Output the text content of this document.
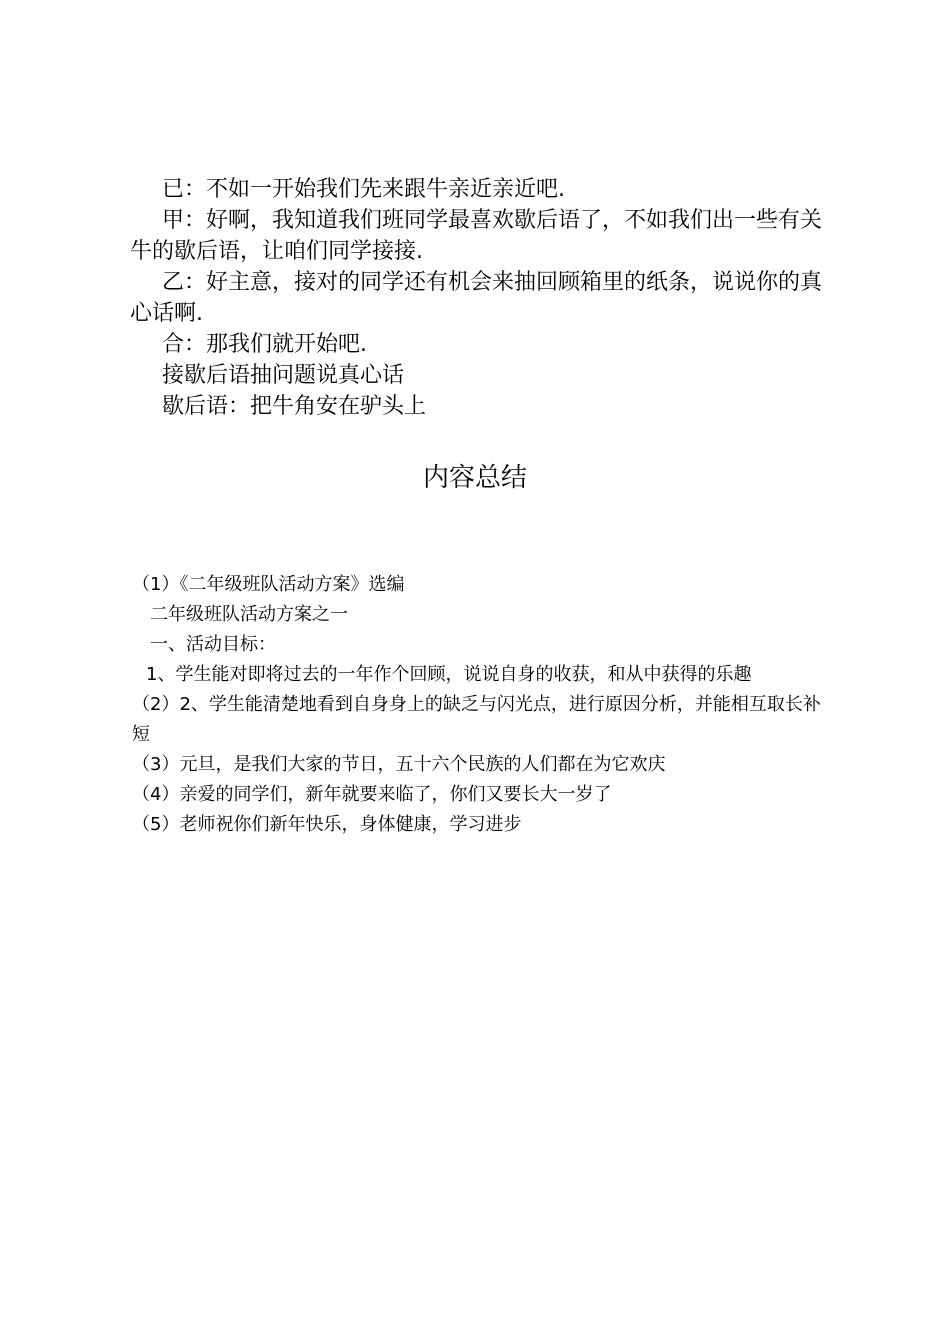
已：不如一开始我们先来跟牛亲近亲近吧.

甲：好啊，我知道我们班同学最喜欢歇后语了，不如我们出一些有关牛的歇后语，让咱们同学接接.

乙：好主意，接对的同学还有机会来抽回顾箱里的纸条，说说你的真心话啊.

合：那我们就开始吧.

接歇后语抽问题说真心话

歇后语：把牛角安在驴头上

内容总结

（1）《二年级班队活动方案》选编

二年级班队活动方案之一

一、活动目标：

1、学生能对即将过去的一年作个回顾，说说自身的收获，和从中获得的乐趣

（2）2、学生能清楚地看到自身身上的缺乏与闪光点，进行原因分析，并能相互取长补短

（3）元旦，是我们大家的节日，五十六个民族的人们都在为它欢庆

（4）亲爱的同学们，新年就要来临了，你们又要长大一岁了

（5）老师祝你们新年快乐，身体健康，学习进步
